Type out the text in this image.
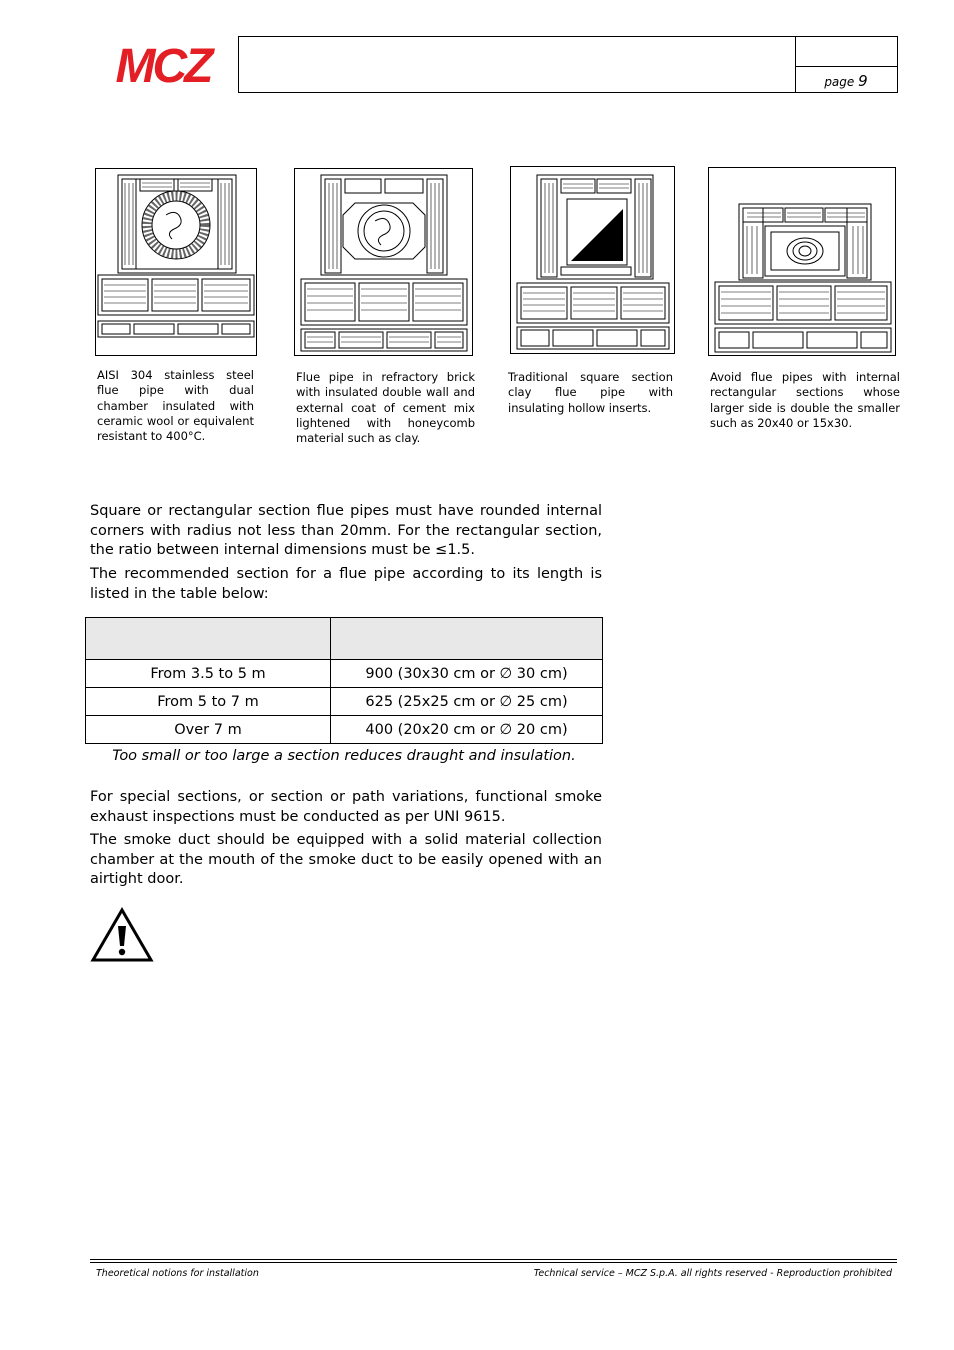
MCZ	page 9
AISI 304 stainless steel flue pipe with dual chamber insulated with ceramic wool or equivalent resistant to 400°C.
Flue pipe in refractory brick with insulated double wall and external coat of cement mix lightened with honeycomb material such as clay.
Traditional square section clay flue pipe with insulating hollow inserts.
Avoid flue pipes with internal rectangular sections whose larger side is double the smaller such as 20x40 or 15x30.
Square or rectangular section flue pipes must have rounded internal corners with radius not less than 20mm. For the rectangular section, the ratio between internal dimensions must be ≤1.5.
The recommended section for a flue pipe according to its length is listed in the table below:

From 3.5 to 5 m	900 (30x30 cm or ∅ 30 cm)
From 5 to 7 m	625 (25x25 cm or ∅ 25 cm)
Over 7 m	400 (20x20 cm or ∅ 20 cm)
Too small or too large a section reduces draught and insulation.
For special sections, or section or path variations, functional smoke exhaust inspections must be conducted as per UNI 9615.
The smoke duct should be equipped with a solid material collection chamber at the mouth of the smoke duct to be easily opened with an airtight door.
Theoretical notions for installation	Technical service – MCZ S.p.A. all rights reserved - Reproduction prohibited
